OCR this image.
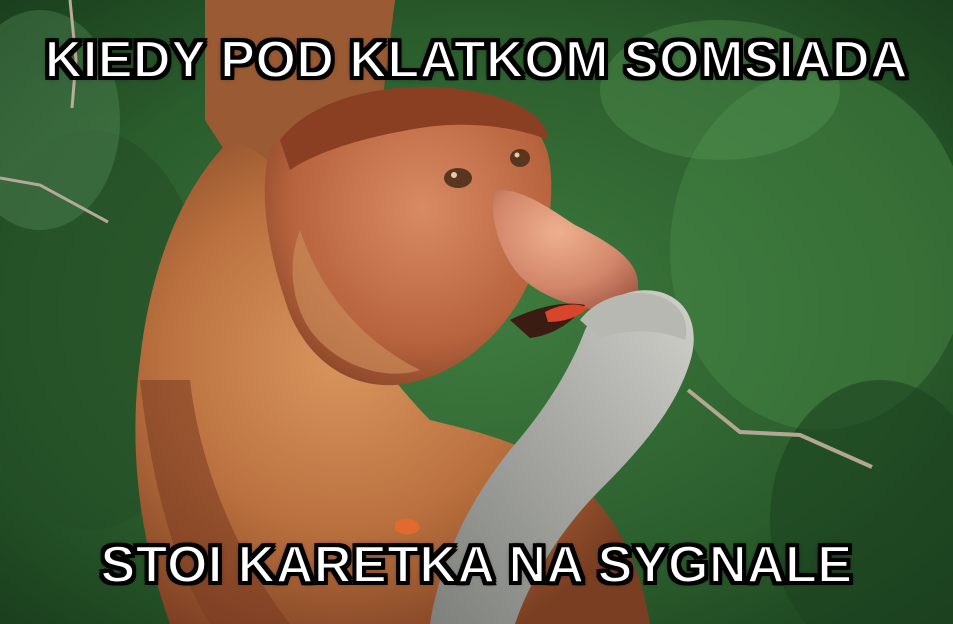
KIEDY POD KLATKOM SOMSIADA
STOI KARETKA NA SYGNALE
